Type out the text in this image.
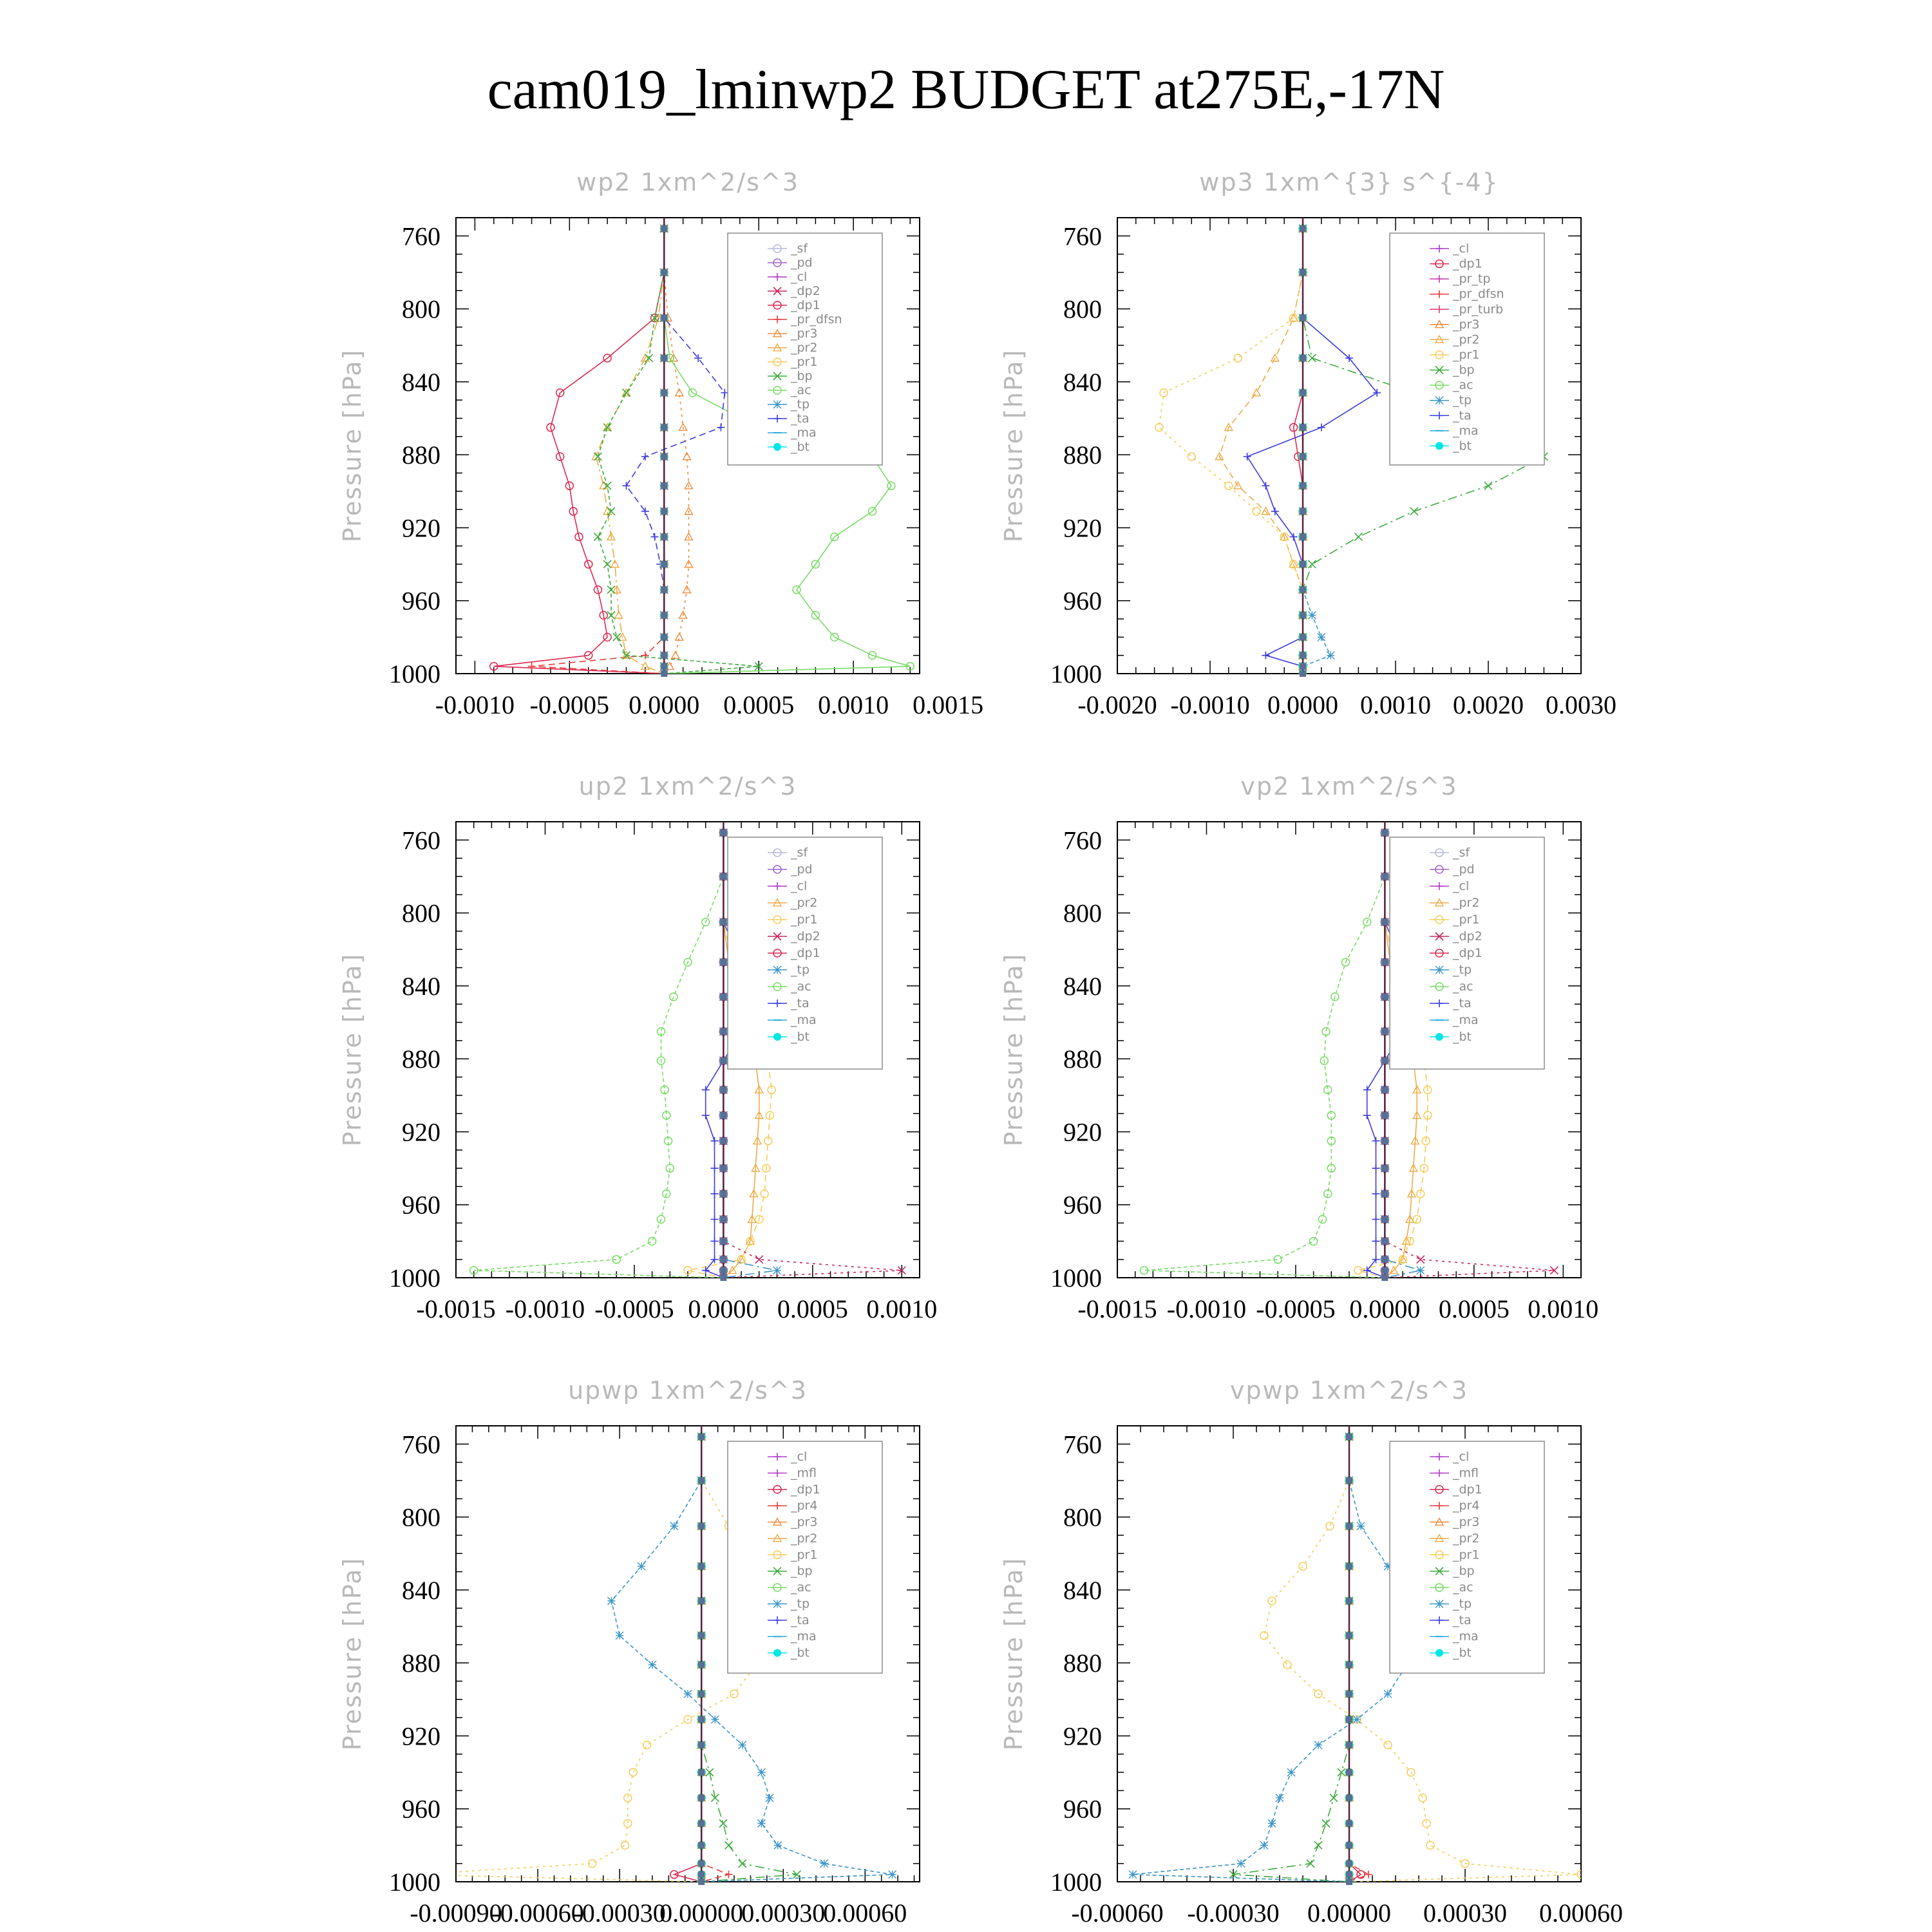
cam019_lminwp2 BUDGET at275E,-17N
wp2 1xm^2/s^3
Pressure [hPa]
760
800
840
880
920
960
1000
-0.0010 -0.0005 0.0000 0.0005 0.0010 0.0015
_sf
_pd
_cl
_dp2
_dp1
_pr_dfsn
_pr3
_pr2
_pr1
_bp
_ac
_tp
_ta
_ma
_bt
wp3 1xm^{3} s^{-4}
Pressure [hPa]
760
800
840
880
920
960
1000
-0.0020 -0.0010 0.0000 0.0010 0.0020 0.0030
_cl
_dp1
_pr_tp
_pr_dfsn
_pr_turb
_pr3
_pr2
_pr1
_bp
_ac
_tp
_ta
_ma
_bt
up2 1xm^2/s^3
Pressure [hPa]
760
800
840
880
920
960
1000
-0.0015 -0.0010 -0.0005 0.0000 0.0005 0.0010
_sf
_pd
_cl
_pr2
_pr1
_dp2
_dp1
_tp
_ac
_ta
_ma
_bt
vp2 1xm^2/s^3
Pressure [hPa]
760
800
840
880
920
960
1000
-0.0015 -0.0010 -0.0005 0.0000 0.0005 0.0010
_sf
_pd
_cl
_pr2
_pr1
_dp2
_dp1
_tp
_ac
_ta
_ma
_bt
upwp 1xm^2/s^3
Pressure [hPa]
760
800
840
880
920
960
1000
-0.00090
-0.00060
-0.00030
0.00000
0.00030
0.00060
_cl
_mfl
_dp1
_pr4
_pr3
_pr2
_pr1
_bp
_ac
_tp
_ta
_ma
_bt
vpwp 1xm^2/s^3
Pressure [hPa]
760
800
840
880
920
960
1000
-0.00060 -0.00030 0.00000 0.00030 0.00060
_cl
_mfl
_dp1
_pr4
_pr3
_pr2
_pr1
_bp
_ac
_tp
_ta
_ma
_bt
